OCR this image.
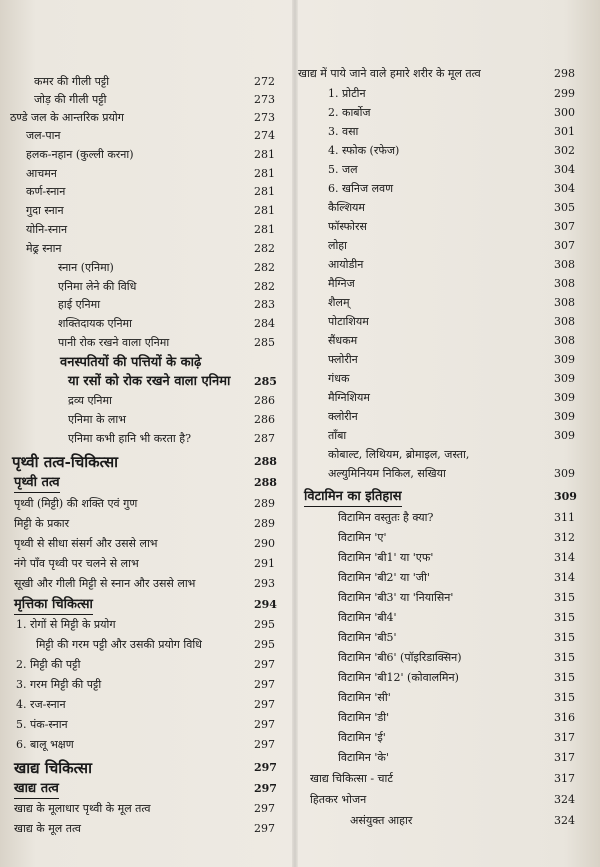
कमर की गीली पट्टी	272
जोड़ की गीली पट्टी	273
ठण्डे जल के आन्तरिक प्रयोग	273
जल-पान	274
हलक-नहान (कुल्ली करना)	281
आचमन	281
कर्ण-स्नान	281
गुदा स्नान	281
योनि-स्नान	281
मेढ्र स्नान	282
स्नान (एनिमा)	282
एनिमा लेने की विधि	282
हाई एनिमा	283
शक्तिदायक एनिमा	284
पानी रोक रखने वाला एनिमा	285
वनस्पतियों की पत्तियों के काढ़े
या रसों को रोक रखने वाला एनिमा 285
द्रव्य एनिमा	286
एनिमा के लाभ	286
एनिमा कभी हानि भी करता है?	287
पृथ्वी तत्व-चिकित्सा	288
पृथ्वी तत्व	288
पृथ्वी (मिट्टी) की शक्ति एवं गुण	289
मिट्टी के प्रकार	289
पृथ्वी से सीधा संसर्ग और उससे लाभ	290
नंगे पाँव पृथ्वी पर चलने से लाभ	291
सूखी और गीली मिट्टी से स्नान और उससे लाभ	293
मृत्तिका चिकित्सा	294
1. रोगों से मिट्टी के प्रयोग	295
मिट्टी की गरम पट्टी और उसकी प्रयोग विधि	295
2. मिट्टी की पट्टी	297
3. गरम मिट्टी की पट्टी	297
4. रज-स्नान	297
5. पंक-स्नान	297
6. बालू भक्षण	297
खाद्य चिकित्सा	297
खाद्य तत्व	297
खाद्य के मूलाधार पृथ्वी के मूल तत्व	297
खाद्य के मूल तत्व	297
खाद्य में पाये जाने वाले हमारे शरीर के मूल तत्व	298
1. प्रोटीन	299
2. कार्बोज	300
3. वसा	301
4. स्फोक (रफेज)	302
5. जल	304
6. खनिज लवण	304
कैल्शियम	305
फॉस्फोरस	307
लोहा	307
आयोडीन	308
मैग्निज	308
शैलम्	308
पोटाशियम	308
सैंधकम	308
फ्लोरीन	309
गंधक	309
मैग्निशियम	309
क्लोरीन	309
ताँबा	309
कोबाल्ट, लिथियम, ब्रोमाइल, जस्ता,
अल्युमिनियम निकिल, सखिया	309
विटामिन का इतिहास	309
विटामिन वस्तुतः है क्या?	311
विटामिन 'ए'	312
विटामिन 'बी1' या 'एफ'	314
विटामिन 'बी2' या 'जी'	314
विटामिन 'बी3' या 'नियासिन'	315
विटामिन 'बी4'	315
विटामिन 'बी5'	315
विटामिन 'बी6' (पॉइरिडाक्सिन)	315
विटामिन 'बी12' (कोवालमिन)	315
विटामिन 'सी'	315
विटामिन 'डी'	316
विटामिन 'ई'	317
विटामिन 'के'	317
खाद्य चिकित्सा - चार्ट	317
हितकर भोजन	324
असंयुक्त आहार	324
